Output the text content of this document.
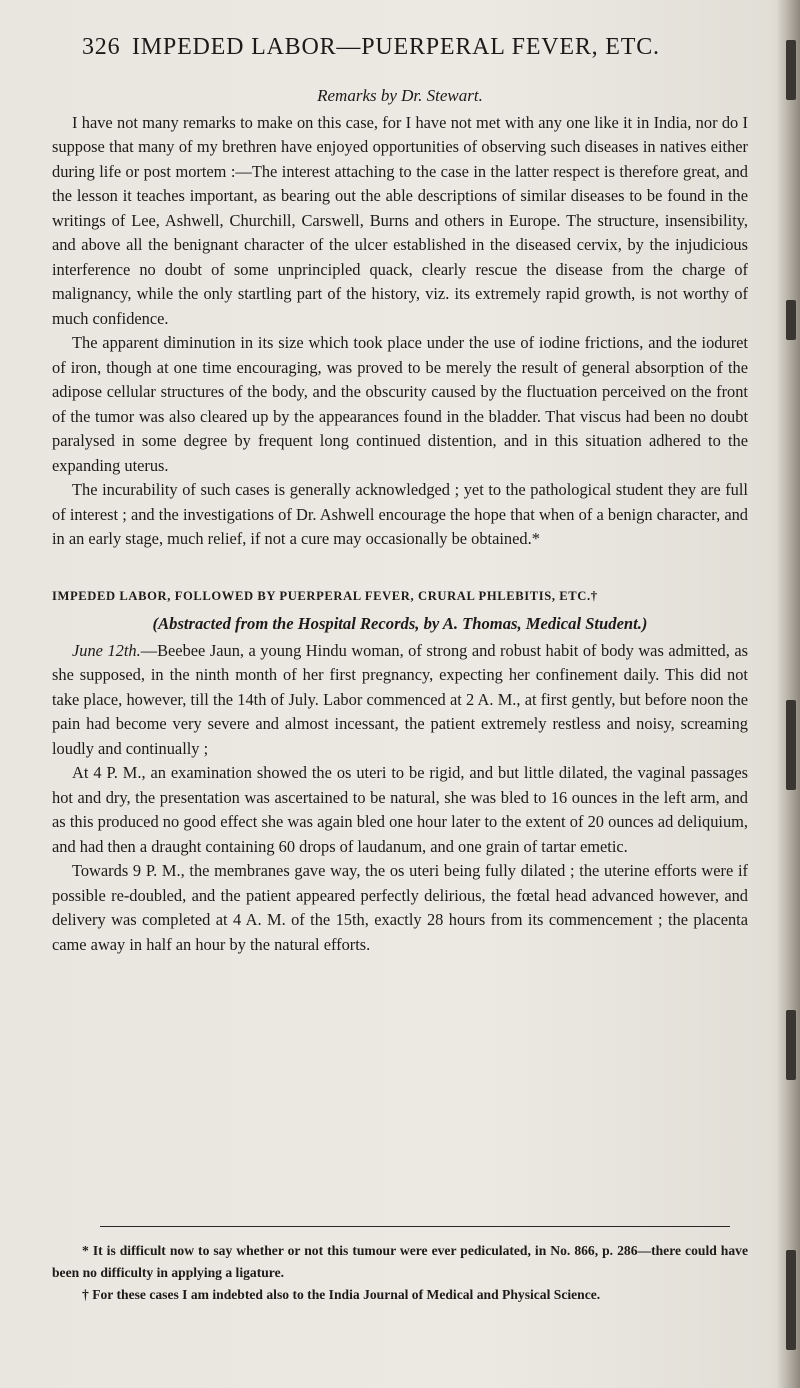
326 IMPEDED LABOR—PUERPERAL FEVER, ETC.
Remarks by Dr. Stewart.

I have not many remarks to make on this case, for I have not met with any one like it in India, nor do I suppose that many of my brethren have enjoyed opportunities of observing such diseases in natives either during life or post mortem :—The interest attaching to the case in the latter respect is therefore great, and the lesson it teaches important, as bearing out the able descriptions of similar diseases to be found in the writings of Lee, Ashwell, Churchill, Carswell, Burns and others in Europe. The structure, insensibility, and above all the benignant character of the ulcer established in the diseased cervix, by the injudicious interference no doubt of some unprincipled quack, clearly rescue the disease from the charge of malignancy, while the only startling part of the history, viz. its extremely rapid growth, is not worthy of much confidence.

The apparent diminution in its size which took place under the use of iodine frictions, and the ioduret of iron, though at one time encouraging, was proved to be merely the result of general absorption of the adipose cellular structures of the body, and the obscurity caused by the fluctuation perceived on the front of the tumor was also cleared up by the appearances found in the bladder. That viscus had been no doubt paralysed in some degree by frequent long continued distention, and in this situation adhered to the expanding uterus.

The incurability of such cases is generally acknowledged ; yet to the pathological student they are full of interest ; and the investigations of Dr. Ashwell encourage the hope that when of a benign character, and in an early stage, much relief, if not a cure may occasionally be obtained.*

IMPEDED LABOR, FOLLOWED BY PUERPERAL FEVER, CRURAL PHLEBITIS, ETC.†
(Abstracted from the Hospital Records, by A. Thomas, Medical Student.)

June 12th.—Beebee Jaun, a young Hindu woman, of strong and robust habit of body was admitted, as she supposed, in the ninth month of her first pregnancy, expecting her confinement daily. This did not take place, however, till the 14th of July. Labor commenced at 2 A. M., at first gently, but before noon the pain had become very severe and almost incessant, the patient extremely restless and noisy, screaming loudly and continually ;

At 4 P. M., an examination showed the os uteri to be rigid, and but little dilated, the vaginal passages hot and dry, the presentation was ascertained to be natural, she was bled to 16 ounces in the left arm, and as this produced no good effect she was again bled one hour later to the extent of 20 ounces ad deliquium, and had then a draught containing 60 drops of laudanum, and one grain of tartar emetic.

Towards 9 P. M., the membranes gave way, the os uteri being fully dilated ; the uterine efforts were if possible re-doubled, and the patient appeared perfectly delirious, the fœtal head advanced however, and delivery was completed at 4 A. M. of the 15th, exactly 28 hours from its commencement ; the placenta came away in half an hour by the natural efforts.

* It is difficult now to say whether or not this tumour were ever pediculated, in No. 866, p. 286—there could have been no difficulty in applying a ligature.

† For these cases I am indebted also to the India Journal of Medical and Physical Science.
